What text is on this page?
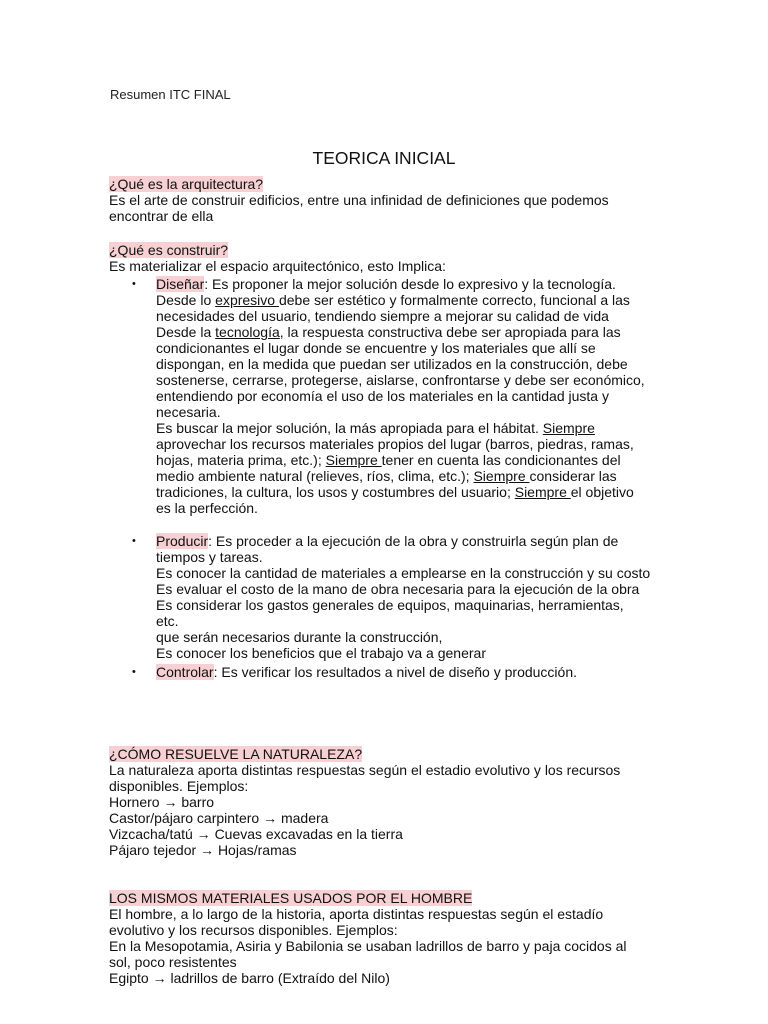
Resumen ITC FINAL
TEORICA INICIAL
¿Qué es la arquitectura?
Es el arte de construir edificios, entre una infinidad de definiciones que podemos
encontrar de ella
¿Qué es construir?
Es materializar el espacio arquitectónico, esto Implica:
• Diseñar: Es proponer la mejor solución desde lo expresivo y la tecnología.
Desde lo expresivo debe ser estético y formalmente correcto, funcional a las
necesidades del usuario, tendiendo siempre a mejorar su calidad de vida
Desde la tecnología, la respuesta constructiva debe ser apropiada para las
condicionantes el lugar donde se encuentre y los materiales que allí se
dispongan, en la medida que puedan ser utilizados en la construcción, debe
sostenerse, cerrarse, protegerse, aislarse, confrontarse y debe ser económico,
entendiendo por economía el uso de los materiales en la cantidad justa y
necesaria.
Es buscar la mejor solución, la más apropiada para el hábitat. Siempre
aprovechar los recursos materiales propios del lugar (barros, piedras, ramas,
hojas, materia prima, etc.); Siempre tener en cuenta las condicionantes del
medio ambiente natural (relieves, ríos, clima, etc.); Siempre considerar las
tradiciones, la cultura, los usos y costumbres del usuario; Siempre el objetivo
es la perfección.
• Producir: Es proceder a la ejecución de la obra y construirla según plan de
tiempos y tareas.
Es conocer la cantidad de materiales a emplearse en la construcción y su costo
Es evaluar el costo de la mano de obra necesaria para la ejecución de la obra
Es considerar los gastos generales de equipos, maquinarias, herramientas,
etc.
que serán necesarios durante la construcción,
Es conocer los beneficios que el trabajo va a generar
• Controlar: Es verificar los resultados a nivel de diseño y producción.
¿CÓMO RESUELVE LA NATURALEZA?
La naturaleza aporta distintas respuestas según el estadio evolutivo y los recursos
disponibles. Ejemplos:
Hornero → barro
Castor/pájaro carpintero → madera
Vizcacha/tatú → Cuevas excavadas en la tierra
Pájaro tejedor → Hojas/ramas
LOS MISMOS MATERIALES USADOS POR EL HOMBRE
El hombre, a lo largo de la historia, aporta distintas respuestas según el estadío
evolutivo y los recursos disponibles. Ejemplos:
En la Mesopotamia, Asiria y Babilonia se usaban ladrillos de barro y paja cocidos al
sol, poco resistentes
Egipto → ladrillos de barro (Extraído del Nilo)
